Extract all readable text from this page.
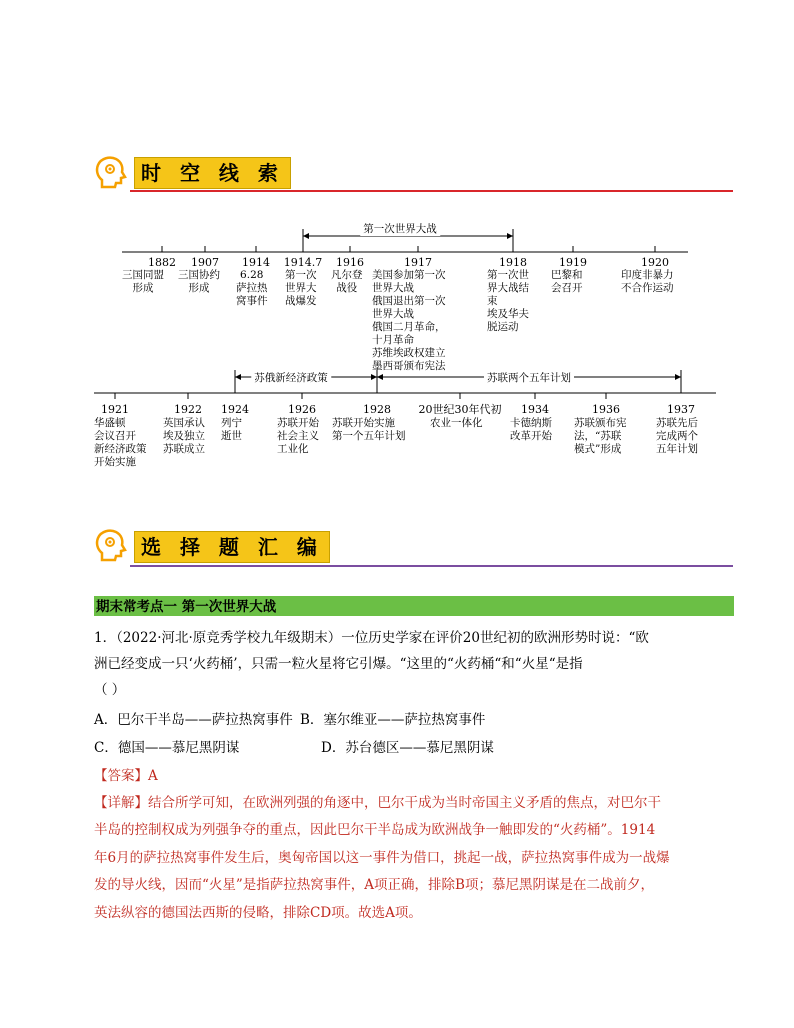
时 空 线 索
第一次世界大战
1882 1907 1914 1914.7 1916	1917	1918	1919	1920
三国同盟
形成
三国协约
形成
6.28
萨拉热
窝事件
第一次
世界大
战爆发
凡尔登
战役
美国参加第一次
世界大战
俄国退出第一次
世界大战
俄国二月革命，
十月革命
苏维埃政权建立
墨西哥颁布宪法
第一次世
界大战结
束
埃及华夫
脱运动
巴黎和
会召开
印度非暴力
不合作运动
苏俄新经济政策	苏联两个五年计划
1921	1922 1924	1926	1928	20世纪30年代初 1934	1936	1937
华盛顿
会议召开
新经济政策
开始实施
英国承认
埃及独立
苏联成立
列宁
逝世
苏联开始
社会主义
工业化
苏联开始实施
第一个五年计划
农业一体化	卡德纳斯
改革开始
苏联颁布宪
法，“苏联
模式”形成
苏联先后
完成两个
五年计划
选 择 题 汇 编
期末常考点一 第一次世界大战
1．（2022·河北·原竞秀学校九年级期末）一位历史学家在评价20世纪初的欧洲形势时说：“欧
洲已经变成一只‘火药桶’，只需一粒火星将它引爆。“这里的“火药桶“和“火星“是指
（ ）
A．巴尔干半岛——萨拉热窝事件 B．塞尔维亚——萨拉热窝事件
C．德国——慕尼黑阴谋	D．苏台德区——慕尼黑阴谋
【答案】A
【详解】结合所学可知，在欧洲列强的角逐中，巴尔干成为当时帝国主义矛盾的焦点，对巴尔干
半岛的控制权成为列强争夺的重点，因此巴尔干半岛成为欧洲战争一触即发的“火药桶”。1914
年6月的萨拉热窝事件发生后，奥匈帝国以这一事件为借口，挑起一战，萨拉热窝事件成为一战爆
发的导火线，因而“火星”是指萨拉热窝事件，A项正确，排除B项；慕尼黑阴谋是在二战前夕，
英法纵容的德国法西斯的侵略，排除CD项。故选A项。
